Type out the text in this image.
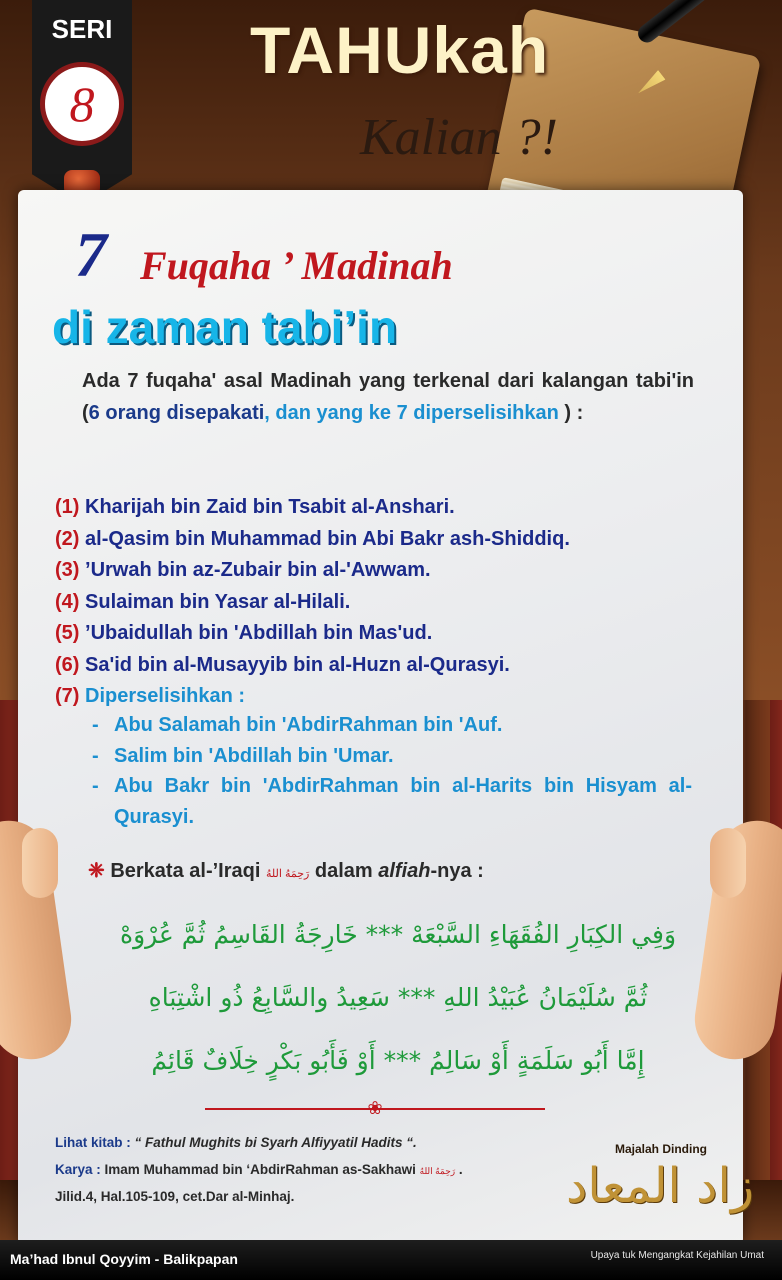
SERI
8
TAHUkah
Kalian ?!
7 Fuqaha ’ Madinah
di zaman tabi’in
Ada 7 fuqaha' asal Madinah yang terkenal dari kalangan tabi'in (6 orang disepakati, dan yang ke 7 diperselisihkan ) :
(1) Kharijah bin Zaid bin Tsabit al-Anshari.
(2) al-Qasim bin Muhammad bin Abi Bakr ash-Shiddiq.
(3) ’Urwah bin az-Zubair bin al-'Awwam.
(4) Sulaiman bin Yasar al-Hilali.
(5) ’Ubaidullah bin 'Abdillah bin Mas'ud.
(6) Sa'id bin al-Musayyib bin al-Huzn al-Qurasyi.
(7) Diperselisihkan :
- Abu Salamah bin 'AbdirRahman bin 'Auf.
- Salim bin 'Abdillah bin 'Umar.
- Abu Bakr bin 'AbdirRahman bin al-Harits bin Hisyam al-Qurasyi.
❈ Berkata al-’Iraqi رَحِمَهُ اللهُ dalam alfiah-nya :
وَفِي الكِبَارِ الفُقَهَاءِ السَّبْعَهْ *** خَارِجَةُ القَاسِمُ ثُمَّ عُرْوَهْ
ثُمَّ سُلَيْمَانُ عُبَيْدُ اللهِ *** سَعِيدُ والسَّابِعُ ذُو اشْتِبَاهِ
إِمَّا أَبُو سَلَمَةٍ أَوْ سَالِمُ *** أَوْ فَأَبُو بَكْرٍ خِلَافٌ قَائِمُ
❀
Lihat kitab : “ Fathul Mughits bi Syarh Alfiyyatil Hadits “.
Karya : Imam Muhammad bin ‘AbdirRahman as-Sakhawi رَحِمَهُ اللهُ .
Jilid.4, Hal.105-109, cet.Dar al-Minhaj.
Majalah Dinding
زاد المعاد
Ma’had Ibnul Qoyyim - Balikpapan	Upaya tuk Mengangkat Kejahilan Umat
